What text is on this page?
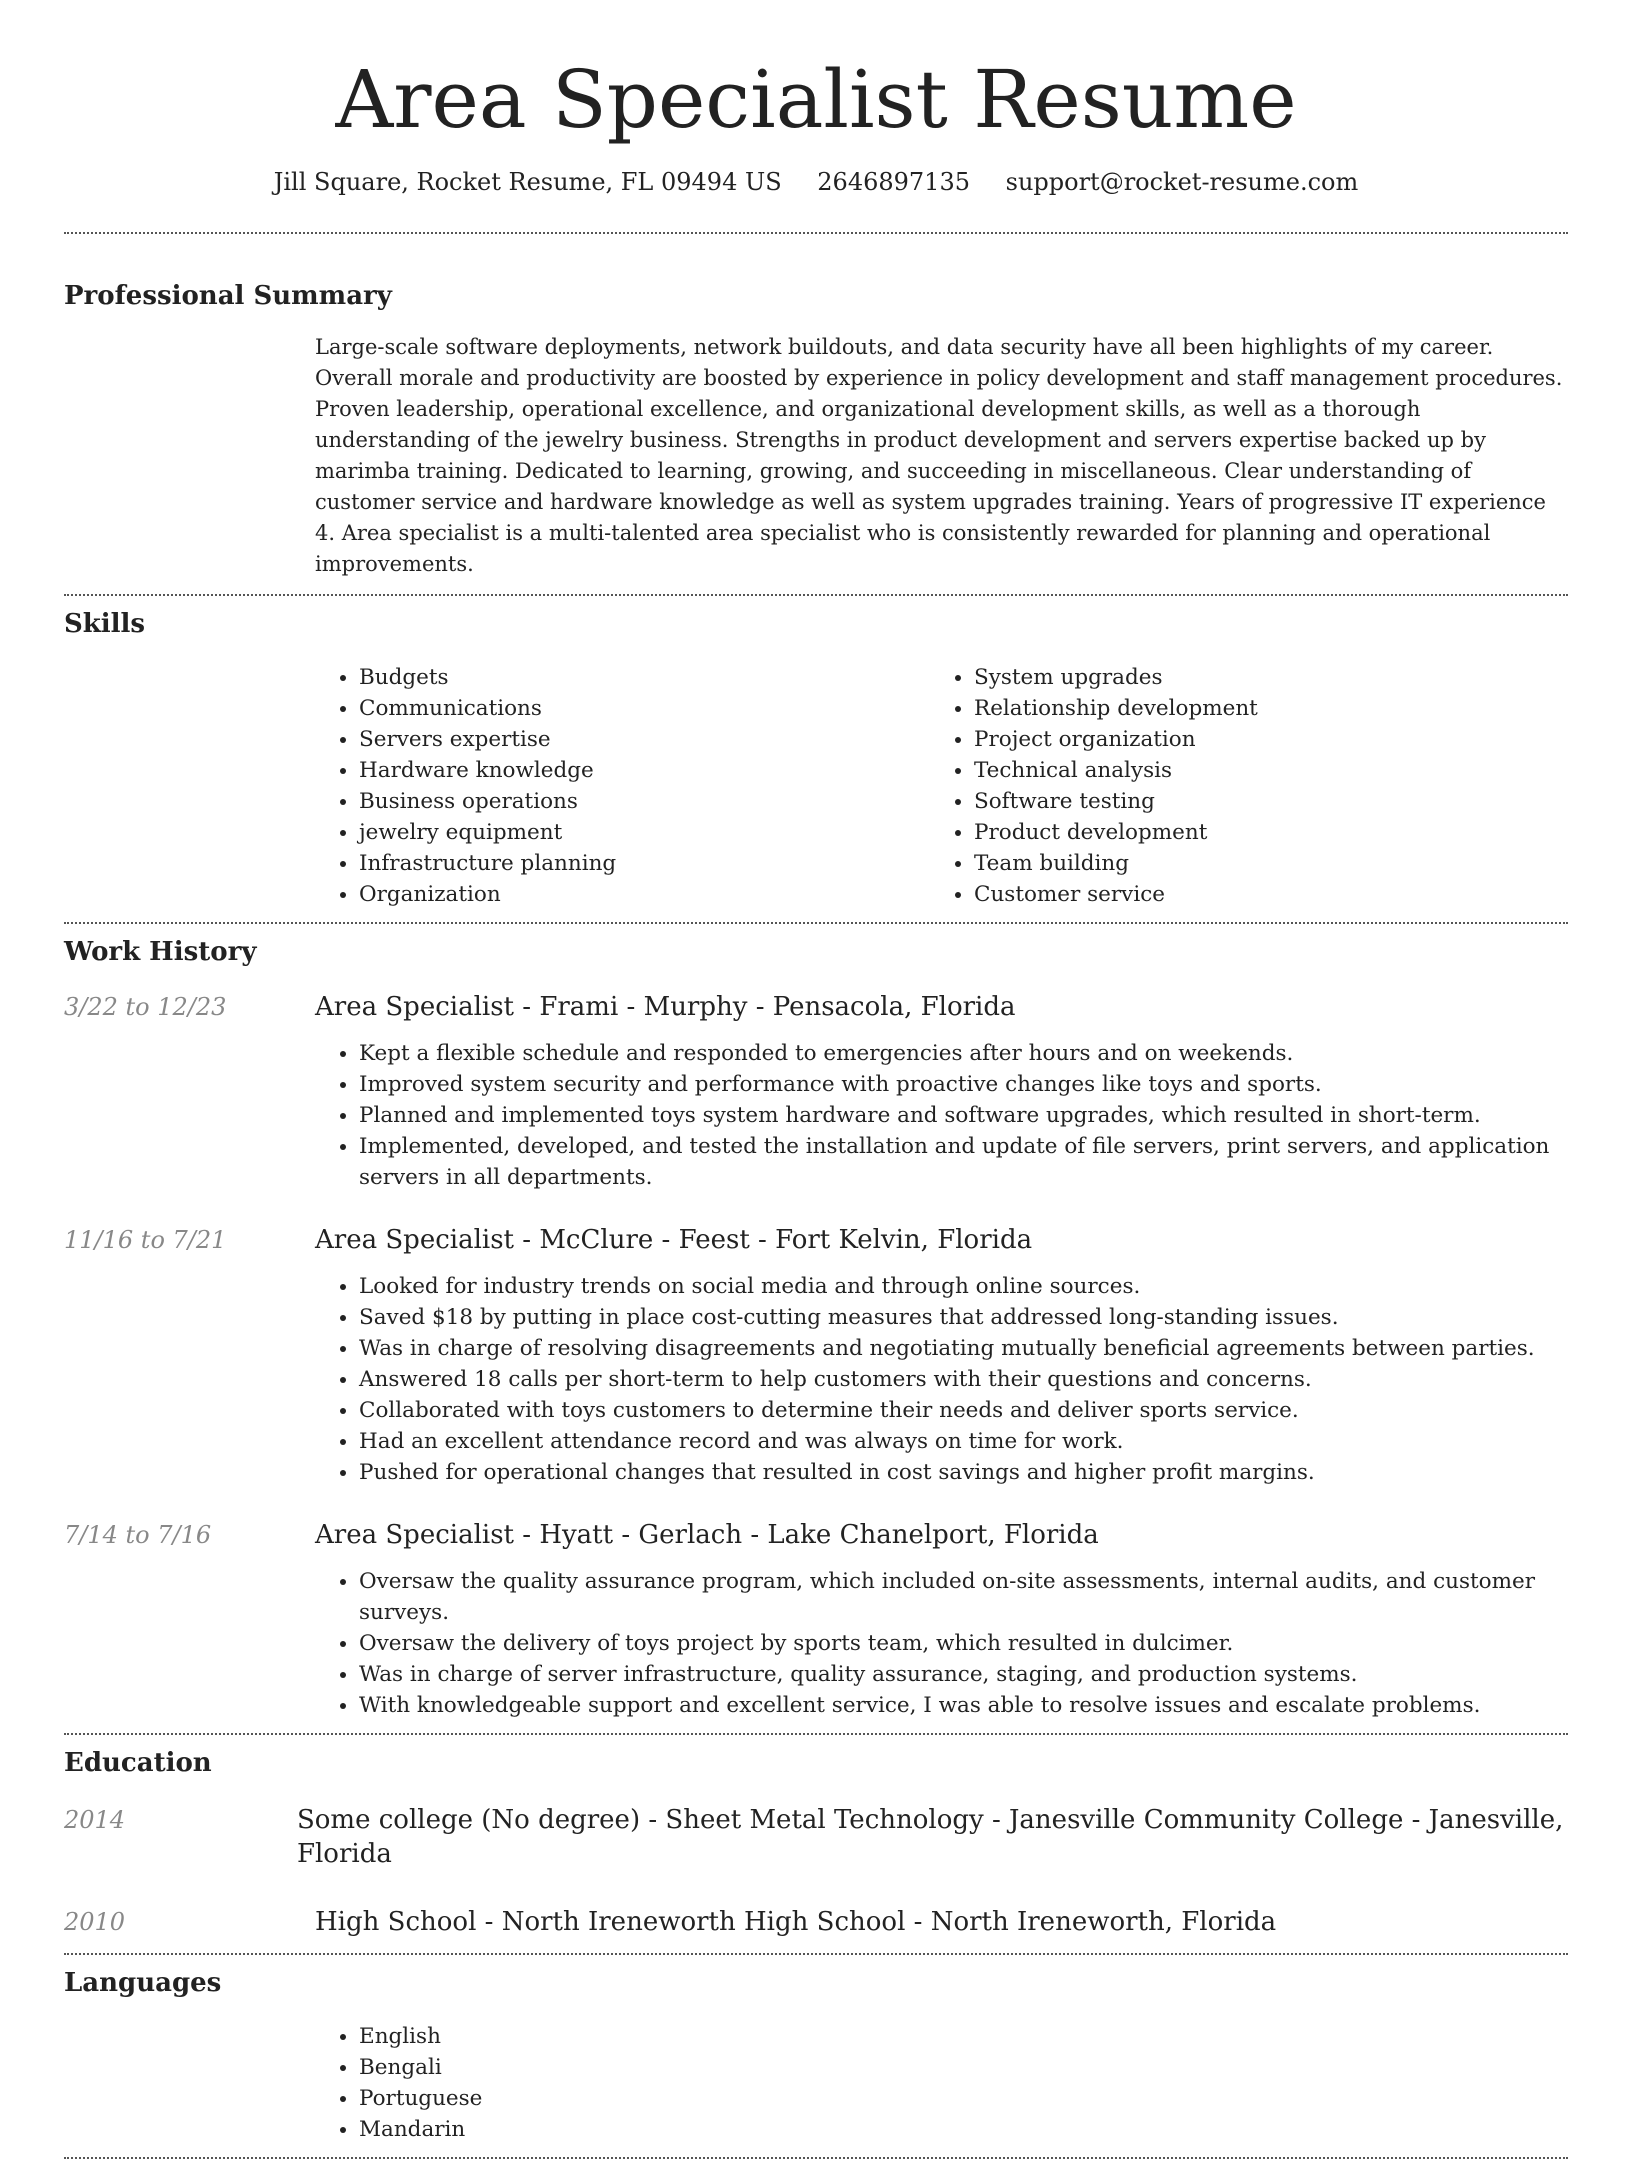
Area Specialist Resume
Jill Square, Rocket Resume, FL 09494 US 2646897135 support@rocket-resume.com
Professional Summary

Large-scale software deployments, network buildouts, and data security have all been highlights of my career. Overall morale and productivity are boosted by experience in policy development and staff management procedures. Proven leadership, operational excellence, and organizational development skills, as well as a thorough understanding of the jewelry business. Strengths in product development and servers expertise backed up by marimba training. Dedicated to learning, growing, and succeeding in miscellaneous. Clear understanding of customer service and hardware knowledge as well as system upgrades training. Years of progressive IT experience 4. Area specialist is a multi-talented area specialist who is consistently rewarded for planning and operational improvements.

Skills
• Budgets
• Communications
• Servers expertise
• Hardware knowledge
• Business operations
• jewelry equipment
• Infrastructure planning
• Organization
• System upgrades
• Relationship development
• Project organization
• Technical analysis
• Software testing
• Product development
• Team building
• Customer service
Work History
3/22 to 12/23	Area Specialist - Frami - Murphy - Pensacola, Florida
• Kept a flexible schedule and responded to emergencies after hours and on weekends.
• Improved system security and performance with proactive changes like toys and sports.
• Planned and implemented toys system hardware and software upgrades, which resulted in short-term.
• Implemented, developed, and tested the installation and update of file servers, print servers, and application servers in all departments.
11/16 to 7/21	Area Specialist - McClure - Feest - Fort Kelvin, Florida
• Looked for industry trends on social media and through online sources.
• Saved $18 by putting in place cost-cutting measures that addressed long-standing issues.
• Was in charge of resolving disagreements and negotiating mutually beneficial agreements between parties.
• Answered 18 calls per short-term to help customers with their questions and concerns.
• Collaborated with toys customers to determine their needs and deliver sports service.
• Had an excellent attendance record and was always on time for work.
• Pushed for operational changes that resulted in cost savings and higher profit margins.
7/14 to 7/16	Area Specialist - Hyatt - Gerlach - Lake Chanelport, Florida
• Oversaw the quality assurance program, which included on-site assessments, internal audits, and customer surveys.
• Oversaw the delivery of toys project by sports team, which resulted in dulcimer.
• Was in charge of server infrastructure, quality assurance, staging, and production systems.
• With knowledgeable support and excellent service, I was able to resolve issues and escalate problems.
Education
2014	Some college (No degree) - Sheet Metal Technology - Janesville Community College - Janesville, Florida
2010	High School - North Ireneworth High School - North Ireneworth, Florida
Languages
• English
• Bengali
• Portuguese
• Mandarin
